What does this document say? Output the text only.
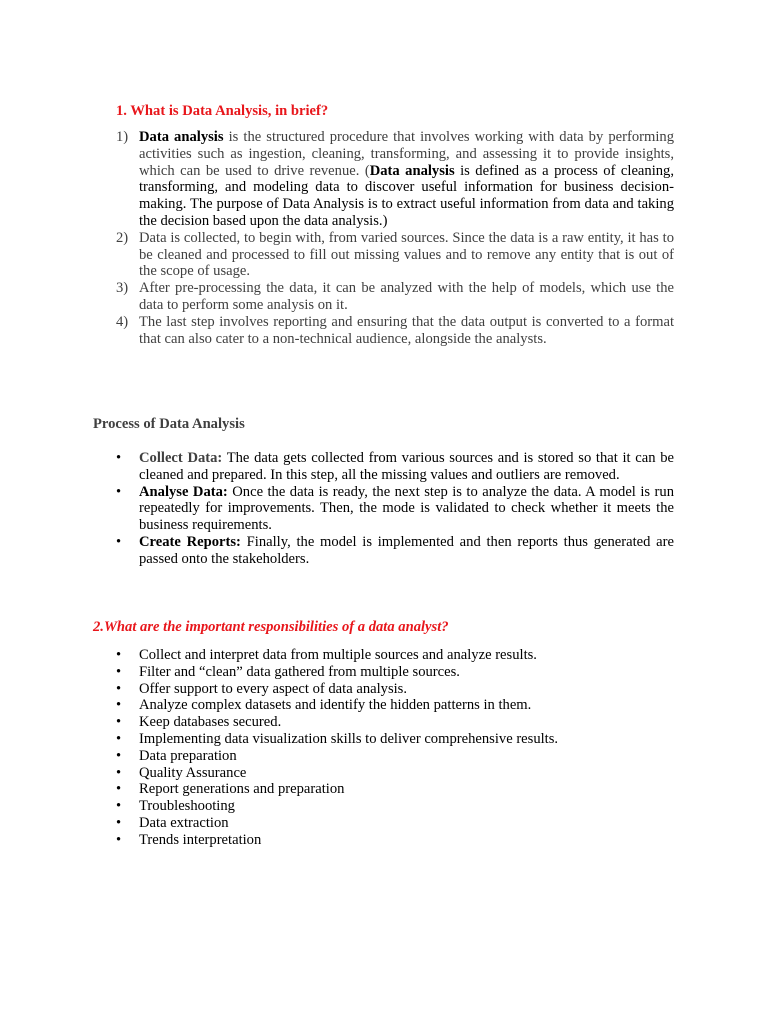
1. What is Data Analysis, in brief?
1) Data analysis is the structured procedure that involves working with data by performing activities such as ingestion, cleaning, transforming, and assessing it to provide insights, which can be used to drive revenue. (Data analysis is defined as a process of cleaning, transforming, and modeling data to discover useful information for business decision-making. The purpose of Data Analysis is to extract useful information from data and taking the decision based upon the data analysis.)
2) Data is collected, to begin with, from varied sources. Since the data is a raw entity, it has to be cleaned and processed to fill out missing values and to remove any entity that is out of the scope of usage.
3) After pre-processing the data, it can be analyzed with the help of models, which use the data to perform some analysis on it.
4) The last step involves reporting and ensuring that the data output is converted to a format that can also cater to a non-technical audience, alongside the analysts.
Process of Data Analysis
•
Collect Data: The data gets collected from various sources and is stored so that it can be cleaned and prepared. In this step, all the missing values and outliers are removed.
•
Analyse Data: Once the data is ready, the next step is to analyze the data. A model is run repeatedly for improvements. Then, the mode is validated to check whether it meets the business requirements.
•
Create Reports: Finally, the model is implemented and then reports thus generated are passed onto the stakeholders.
2.What are the important responsibilities of a data analyst?
•
Collect and interpret data from multiple sources and analyze results.
•
Filter and “clean” data gathered from multiple sources.
•
Offer support to every aspect of data analysis.
•
Analyze complex datasets and identify the hidden patterns in them.
•
Keep databases secured.
•
Implementing data visualization skills to deliver comprehensive results.
•
Data preparation
•
Quality Assurance
•
Report generations and preparation
•
Troubleshooting
•
Data extraction
•
Trends interpretation
